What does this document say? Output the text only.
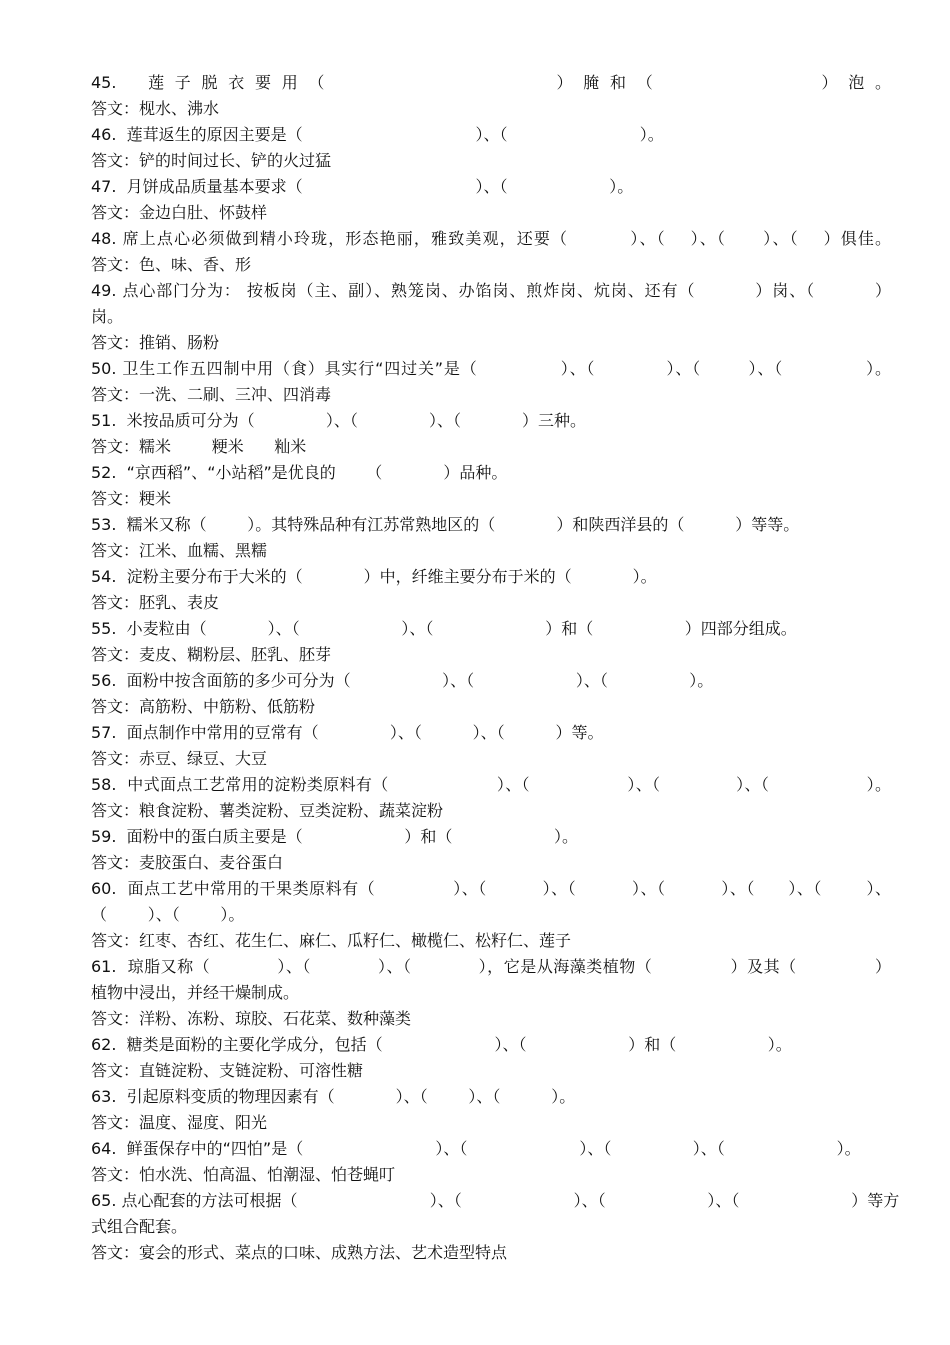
45.  莲子脱衣要用（              ）腌和（          ）泡。
答文：枧水、沸水
46.  莲茸返生的原因主要是（                                  ）、（                          ）。
答文：铲的时间过长、铲的火过猛
47.  月饼成品质量基本要求（                                  ）、（                    ）。
答文：金边白肚、怀鼓样
48. 席上点心必须做到精小玲珑，形态艳丽，雅致美观，还要（          ）、（    ）、（      ）、（    ）俱佳。
答文：色、味、香、形
49. 点心部门分为： 按板岗（主、副）、熟笼岗、办馅岗、煎炸岗、炕岗、还有（          ）岗、（          ）
岗。
答文：推销、肠粉
50. 卫生工作五四制中用（食）具实行“四过关”是（              ）、（            ）、（        ）、（              ）。
答文：一洗、二刷、三冲、四消毒
51.  米按品质可分为（              ）、（              ）、（            ）三种。
答文：糯米        粳米      籼米
52.  “京西稻”、“小站稻”是优良的      （            ）品种。
答文：粳米
53.  糯米又称（        ）。其特殊品种有江苏常熟地区的（            ）和陕西洋县的（          ）等等。
答文：江米、血糯、黑糯
54.  淀粉主要分布于大米的（            ）中，纤维主要分布于米的（            ）。
答文：胚乳、表皮
55.  小麦粒由（            ）、（                    ）、（                      ）和（                  ）四部分组成。
答文：麦皮、糊粉层、胚乳、胚芽
56.  面粉中按含面筋的多少可分为（                  ）、（                    ）、（                ）。
答文：高筋粉、中筋粉、低筋粉
57.  面点制作中常用的豆常有（              ）、（          ）、（          ）等。
答文：赤豆、绿豆、大豆
58.  中式面点工艺常用的淀粉类原料有（                    ）、（                  ）、（              ）、（                  ）。
答文：粮食淀粉、薯类淀粉、豆类淀粉、蔬菜淀粉
59.  面粉中的蛋白质主要是（                    ）和（                    ）。
答文：麦胶蛋白、麦谷蛋白
60.  面点工艺中常用的干果类原料有（              ）、（          ）、（          ）、（          ）、（      ）、（        ）、
（        ）、（        ）。
答文：红枣、杏红、花生仁、麻仁、瓜籽仁、橄榄仁、松籽仁、莲子
61.  琼脂又称（            ）、（            ）、（            ），它是从海藻类植物（              ）及其（              ）
植物中浸出，并经干燥制成。
答文：洋粉、冻粉、琼胶、石花菜、数种藻类
62.  糖类是面粉的主要化学成分，包括（                      ）、（                    ）和（                  ）。
答文：直链淀粉、支链淀粉、可溶性糖
63.  引起原料变质的物理因素有（            ）、（        ）、（          ）。
答文：温度、湿度、阳光
64.  鲜蛋保存中的“四怕”是（                          ）、（                      ）、（                ）、（                      ）。
答文：怕水洗、怕高温、怕潮湿、怕苍蝇叮
65. 点心配套的方法可根据（                          ）、（                      ）、（                    ）、（                      ）等方
式组合配套。
答文：宴会的形式、菜点的口味、成熟方法、艺术造型特点
